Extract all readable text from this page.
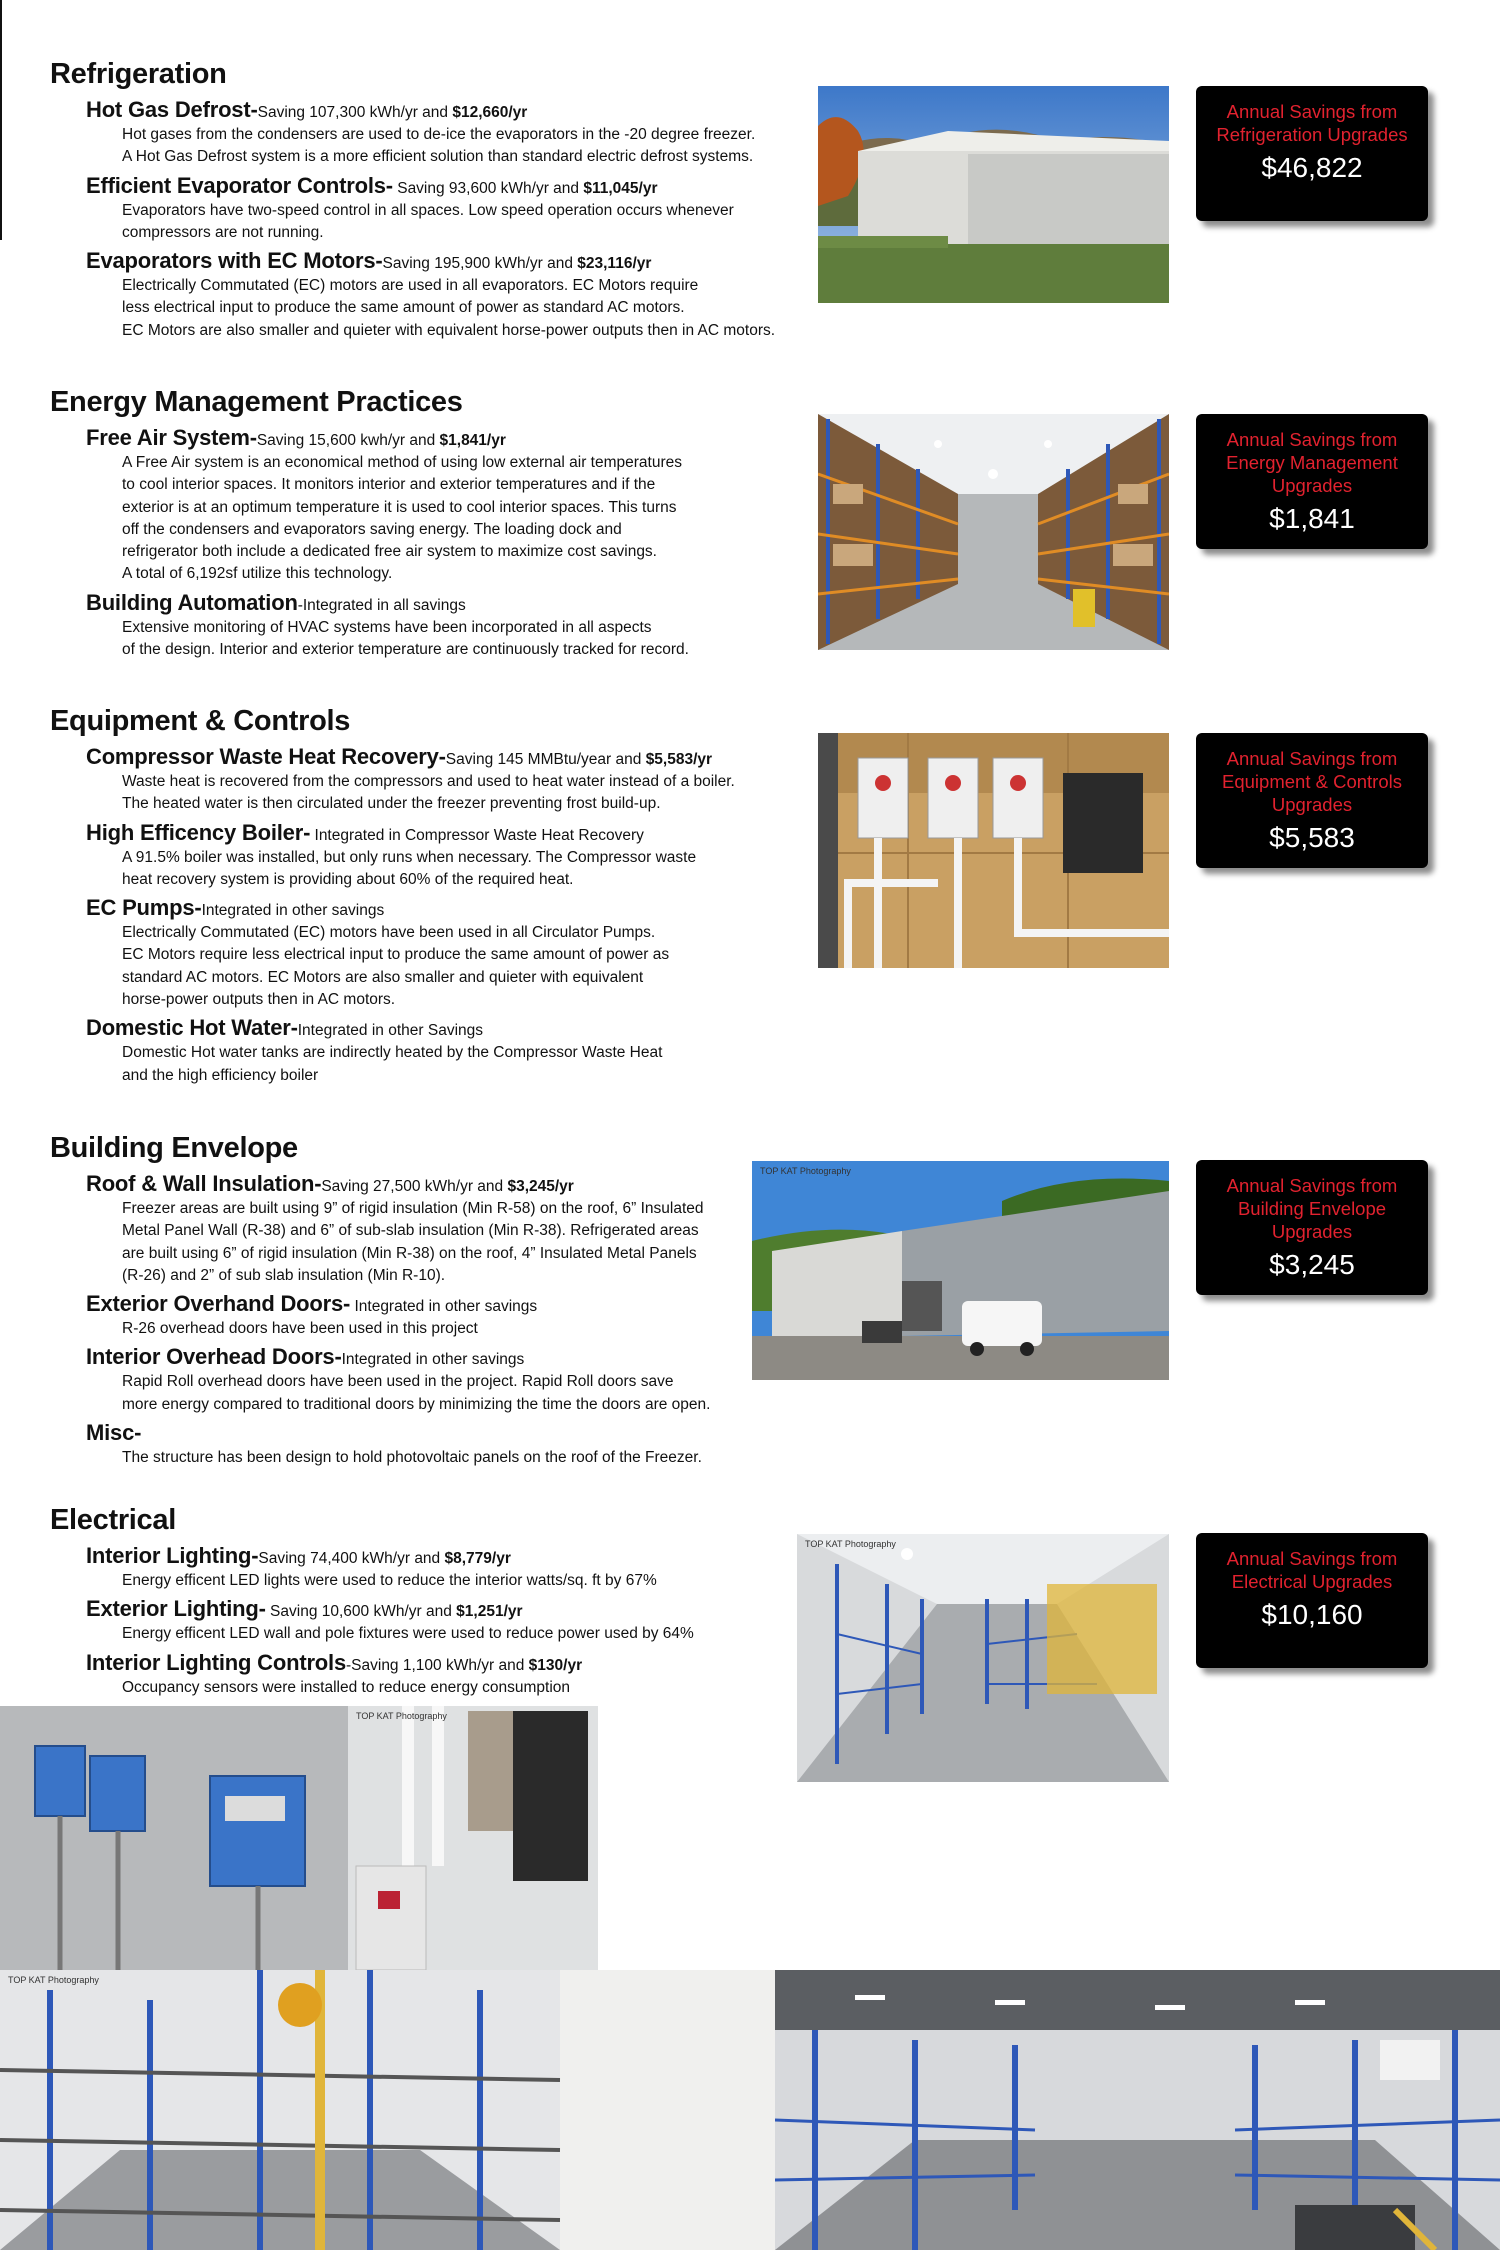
Refrigeration
Hot Gas Defrost-Saving 107,300 kWh/yr and $12,660/yr
Hot gases from the condensers are used to de-ice the evaporators in the -20 degree freezer.
A Hot Gas Defrost system is a more efficient solution than standard electric defrost systems.
Efficient Evaporator Controls- Saving 93,600 kWh/yr and $11,045/yr
Evaporators have two-speed control in all spaces. Low speed operation occurs whenever
compressors are not running.
Evaporators with EC Motors-Saving 195,900 kWh/yr and $23,116/yr
Electrically Commutated (EC) motors are used in all evaporators. EC Motors require
less electrical input to produce the same amount of power as standard AC motors.
EC Motors are also smaller and quieter with equivalent horse-power outputs then in AC motors.
Energy Management Practices
Free Air System-Saving 15,600 kwh/yr and $1,841/yr
A Free Air system is an economical method of using low external air temperatures
to cool interior spaces. It monitors interior and exterior temperatures and if the
exterior is at an optimum temperature it is used to cool interior spaces. This turns
off the condensers and evaporators saving energy. The loading dock and
refrigerator both include a dedicated free air system to maximize cost savings.
A total of 6,192sf utilize this technology.
Building Automation-Integrated in all savings
Extensive monitoring of HVAC systems have been incorporated in all aspects
of the design. Interior and exterior temperature are continuously tracked for record.
Equipment & Controls
Compressor Waste Heat Recovery-Saving 145 MMBtu/year and $5,583/yr
Waste heat is recovered from the compressors and used to heat water instead of a boiler.
The heated water is then circulated under the freezer preventing frost build-up.
High Efficency Boiler- Integrated in Compressor Waste Heat Recovery
A 91.5% boiler was installed, but only runs when necessary. The Compressor waste
heat recovery system is providing about 60% of the required heat.
EC Pumps-Integrated in other savings
Electrically Commutated (EC) motors have been used in all Circulator Pumps.
EC Motors require less electrical input to produce the same amount of power as
standard AC motors. EC Motors are also smaller and quieter with equivalent
horse-power outputs then in AC motors.
Domestic Hot Water-Integrated in other Savings
Domestic Hot water tanks are indirectly heated by the Compressor Waste Heat
and the high efficiency boiler
Building Envelope
Roof & Wall Insulation-Saving 27,500 kWh/yr and $3,245/yr
Freezer areas are built using 9” of rigid insulation (Min R-58) on the roof, 6” Insulated
Metal Panel Wall (R-38) and 6” of sub-slab insulation (Min R-38). Refrigerated areas
are built using 6” of rigid insulation (Min R-38) on the roof, 4” Insulated Metal Panels
(R-26) and 2” of sub slab insulation (Min R-10).
Exterior Overhand Doors- Integrated in other savings
R-26 overhead doors have been used in this project
Interior Overhead Doors-Integrated in other savings
Rapid Roll overhead doors have been used in the project. Rapid Roll doors save
more energy compared to traditional doors by minimizing the time the doors are open.
Misc-
The structure has been design to hold photovoltaic panels on the roof of the Freezer.
Electrical
Interior Lighting-Saving 74,400 kWh/yr and $8,779/yr
Energy efficent LED lights were used to reduce the interior watts/sq. ft by 67%
Exterior Lighting- Saving 10,600 kWh/yr and $1,251/yr
Energy efficent LED wall and pole fixtures were used to reduce power used by 64%
Interior Lighting Controls-Saving 1,100 kWh/yr and $130/yr
Occupancy sensors were installed to reduce energy consumption
Annual Savings from Refrigeration Upgrades
$46,822
Annual Savings from Energy Management Upgrades
$1,841
Annual Savings from Equipment & Controls Upgrades
$5,583
Annual Savings from Building Envelope Upgrades
$3,245
Annual Savings from Electrical Upgrades
$10,160
TOP KAT Photography
TOP KAT Photography
TOP KAT Photography
TOP KAT Photography
